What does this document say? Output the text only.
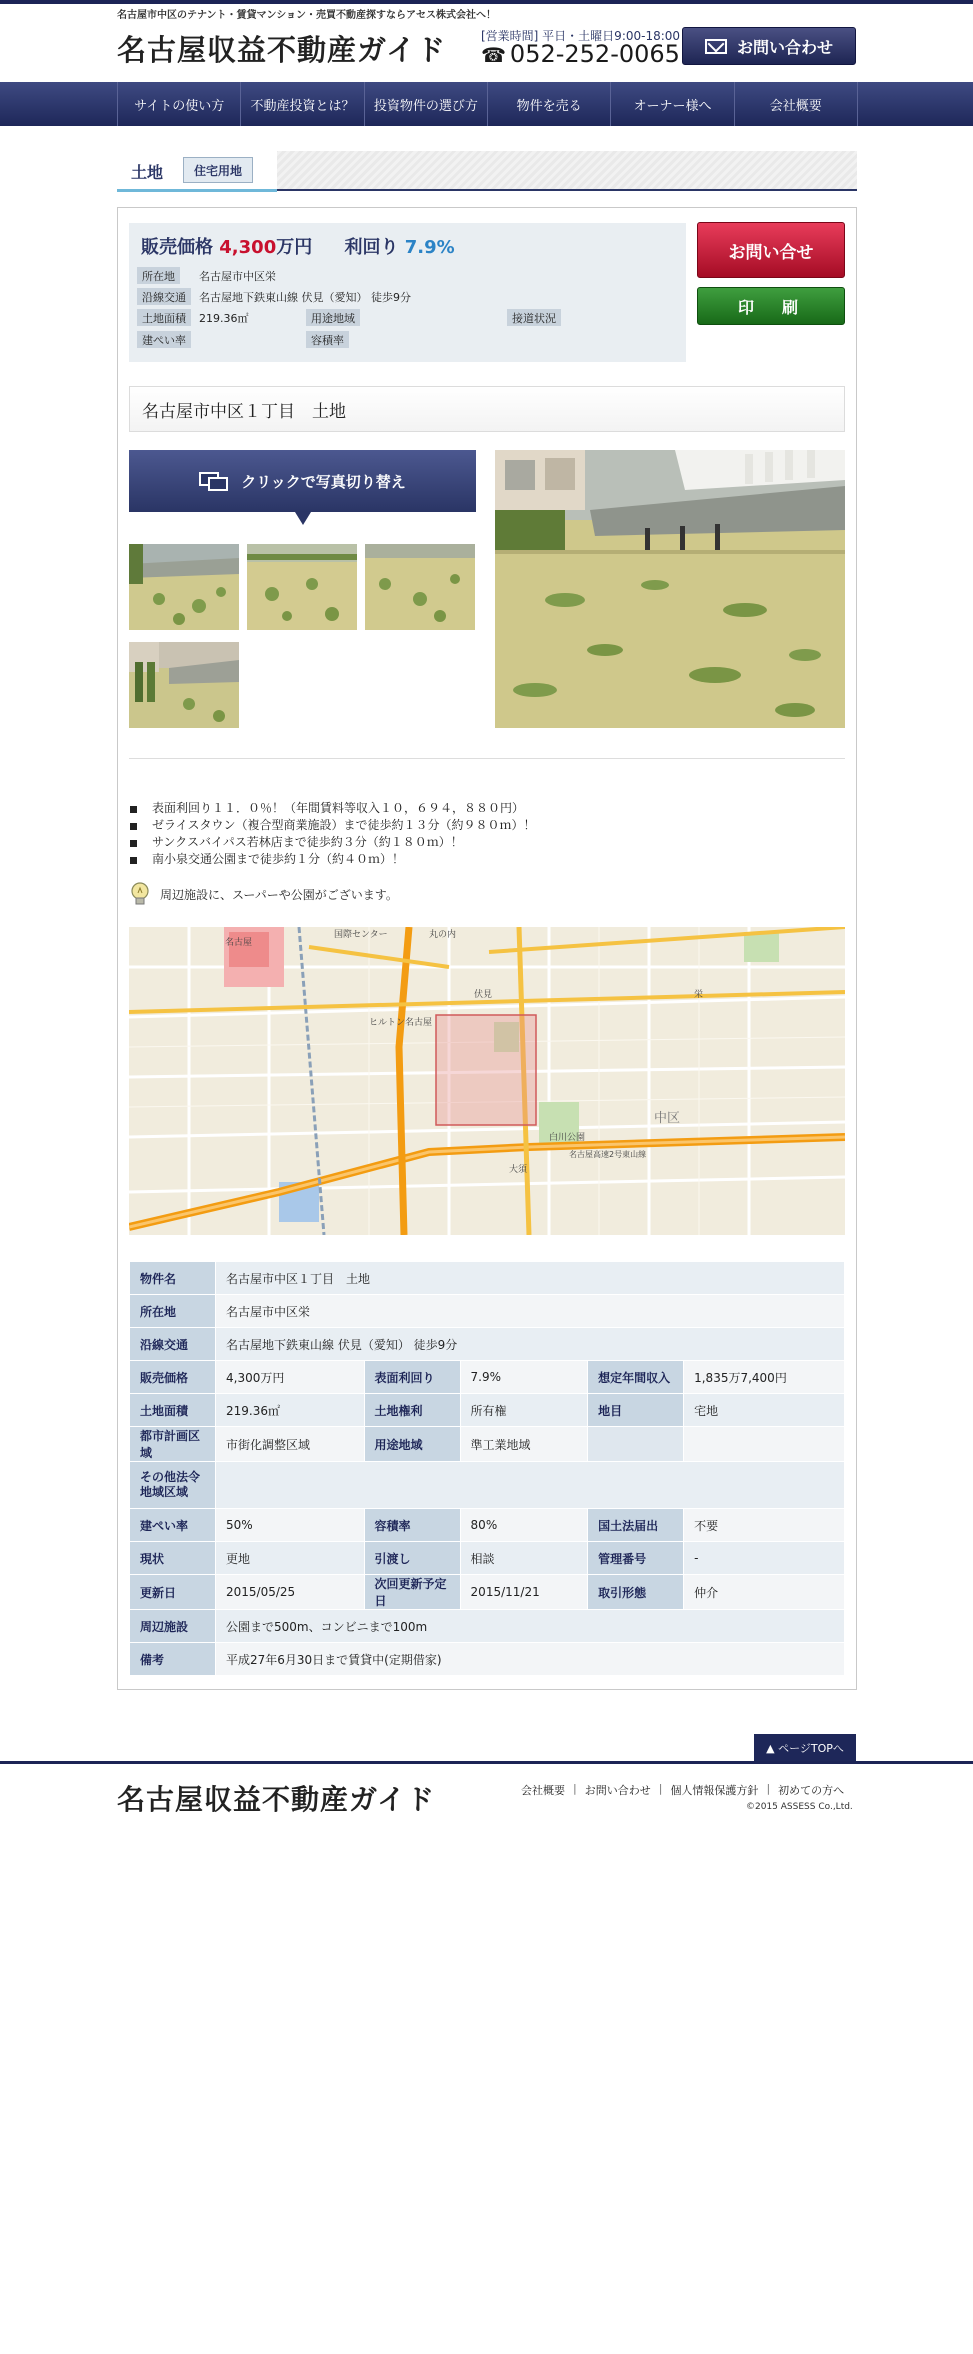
名古屋市中区のテナント・賃貸マンション・売買不動産探すならアセス株式会社へ！
名古屋収益不動産ガイド	[営業時間] 平日・土曜日9:00-18:00
☎ 052-252-0065	お問い合わせ
サイトの使い方	不動産投資とは？	投資物件の選び方	物件を売る	オーナー様へ	会社概要
土地	住宅用地
販売価格 4,300万円 利回り 7.9%
所在地	名古屋市中区栄
沿線交通	名古屋地下鉄東山線 伏見（愛知） 徒歩9分
土地面積	219.36㎡	用途地域	接道状況
建ぺい率	容積率
お問い合せ
印　刷
名古屋市中区１丁目　土地
クリックで写真切り替え
表面利回り１１．０％！（年間賃料等収入１０，６９４，８８０円）
ゼライスタウン（複合型商業施設）まで徒歩約１３分（約９８０ｍ）！
サンクスバイパス若林店まで徒歩約３分（約１８０ｍ）！
南小泉交通公園まで徒歩約１分（約４０ｍ）！
周辺施設に、スーパーや公園がございます。
ヒルトン名古屋
白川公園
大須
伏見	栄
丸の内
国際センター
名古屋
名古屋高速2号東山線
中区
物件名	名古屋市中区１丁目　土地				
所在地	名古屋市中区栄				
沿線交通	名古屋地下鉄東山線 伏見（愛知） 徒歩9分				
販売価格	4,300万円	表面利回り	7.9%	想定年間収入	1,835万7,400円
土地面積	219.36㎡	土地権利	所有権	地目	宅地
都市計画区域	市街化調整区域	用途地域	準工業地域		
その他法令
地域区域					
建ぺい率	50%	容積率	80%	国土法届出	不要
現状	更地	引渡し	相談	管理番号	-
更新日	2015/05/25	次回更新予定日	2015/11/21	取引形態	仲介
周辺施設	公園まで500m、コンビニまで100m				
備考	平成27年6月30日まで賃貸中(定期借家)				
▲ ページTOPへ
名古屋収益不動産ガイド	会社概要 | お問い合わせ | 個人情報保護方針 | 初めての方へ
©2015 ASSESS Co.,Ltd.
